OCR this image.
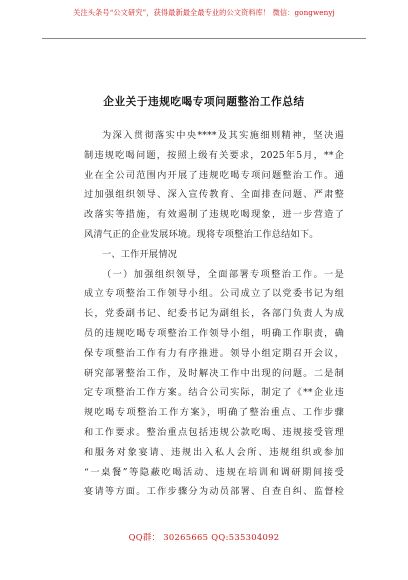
关注头条号“公文研究”，获得最新最全最专业的公文资料库！ 微信：gongwenyj
企业关于违规吃喝专项问题整治工作总结
为深入贯彻落实中央****及其实施细则精神，坚决遏
制违规吃喝问题，按照上级有关要求，2025年5月，**企
业在全公司范围内开展了违规吃喝专项问题整治工作。通
过加强组织领导、深入宣传教育、全面排查问题、严肃整
改落实等措施，有效遏制了违规吃喝现象，进一步营造了
风清气正的企业发展环境。现将专项整治工作总结如下。
一、工作开展情况
（一）加强组织领导，全面部署专项整治工作。一是
成立专项整治工作领导小组。公司成立了以党委书记为组
长，党委副书记、纪委书记为副组长，各部门负责人为成
员的违规吃喝专项整治工作领导小组，明确工作职责，确
保专项整治工作有力有序推进。领导小组定期召开会议，
研究部署整治工作，及时解决工作中出现的问题。二是制
定专项整治工作方案。结合公司实际，制定了《**企业违
规吃喝专项整治工作方案》，明确了整治重点、工作步骤
和工作要求。整治重点包括违规公款吃喝、违规接受管理
和服务对象宴请、违规出入私人会所、违规组织或参加
“一桌餐”等隐蔽吃喝活动、违规在培训和调研期间接受
宴请等方面。工作步骤分为动员部署、自查自纠、监督检
QQ群： 30265665 QQ:535304092
